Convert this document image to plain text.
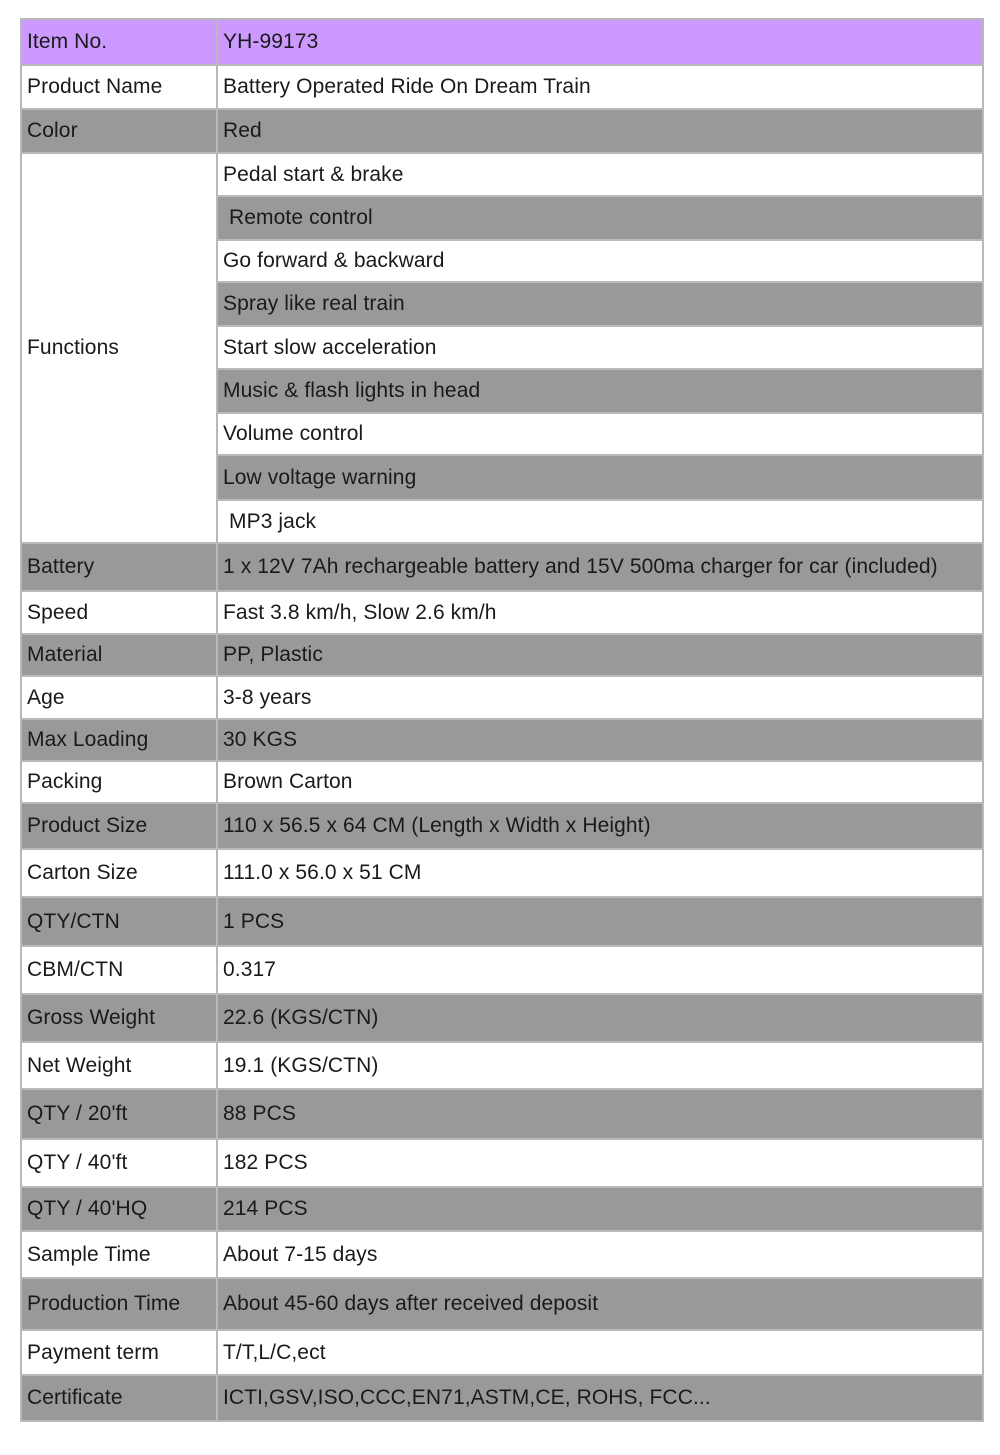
Item No.	YH-99173
Product Name	Battery Operated Ride On Dream Train
Color	Red
Functions	Pedal start & brake
	Remote control
	Go forward & backward
	Spray like real train
	Start slow acceleration
	Music & flash lights in head
	Volume control
	Low voltage warning
	MP3 jack
Battery	1 x 12V 7Ah rechargeable battery and 15V 500ma charger for car (included)
Speed	Fast 3.8 km/h, Slow 2.6 km/h
Material	PP, Plastic
Age	3-8 years
Max Loading	30 KGS
Packing	Brown Carton
Product Size	110 x 56.5 x 64 CM (Length x Width x Height)
Carton Size	111.0 x 56.0 x 51 CM
QTY/CTN	1 PCS
CBM/CTN	0.317
Gross Weight	22.6 (KGS/CTN)
Net Weight	19.1 (KGS/CTN)
QTY / 20'ft	88 PCS
QTY / 40'ft	182 PCS
QTY / 40'HQ	214 PCS
Sample Time	About 7-15 days
Production Time	About 45-60 days after received deposit
Payment term	T/T,L/C,ect
Certificate	ICTI,GSV,ISO,CCC,EN71,ASTM,CE, ROHS, FCC...
